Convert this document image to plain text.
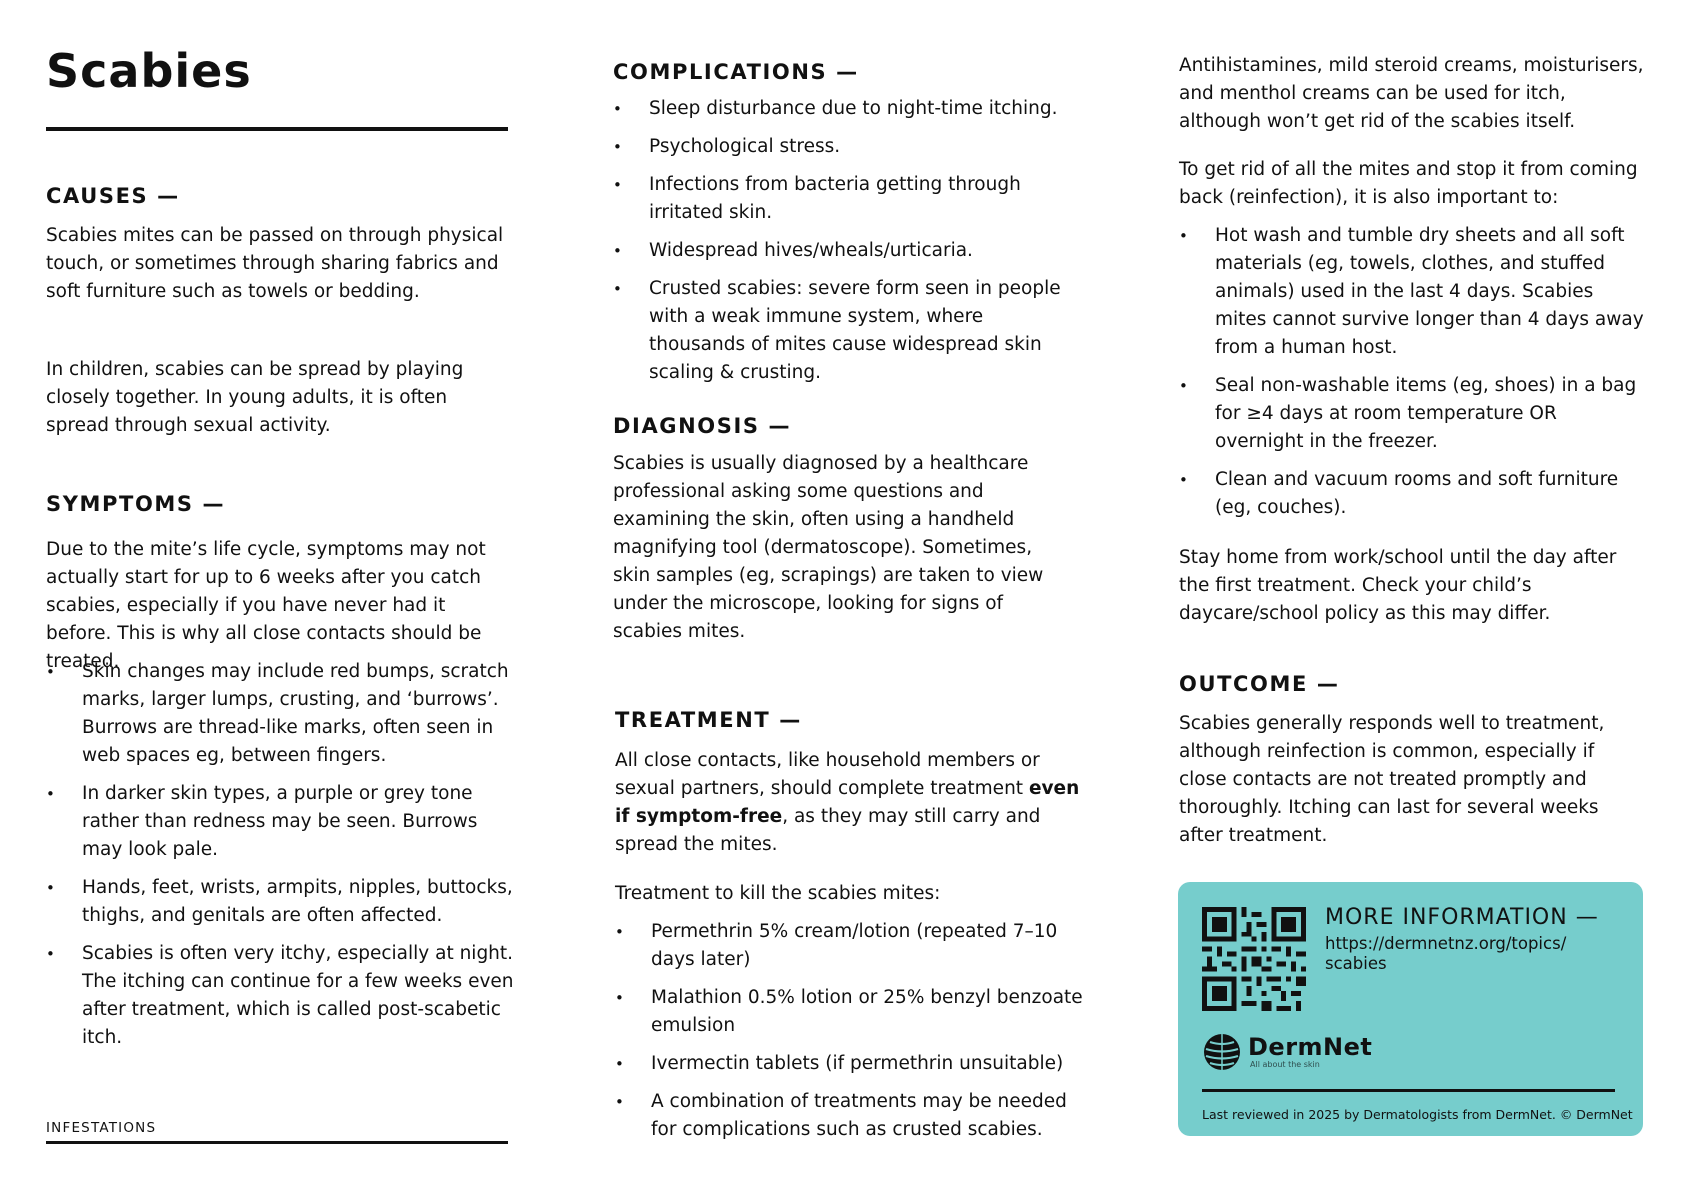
Scabies
CAUSES —

Scabies mites can be passed on through physical touch, or sometimes through sharing fabrics and soft furniture such as towels or bedding.

In children, scabies can be spread by playing closely together. In young adults, it is often spread through sexual activity.

SYMPTOMS —

Due to the mite’s life cycle, symptoms may not actually start for up to 6 weeks after you catch scabies, especially if you have never had it before. This is why all close contacts should be treated.

• Skin changes may include red bumps, scratch marks, larger lumps, crusting, and ‘burrows’. Burrows are thread-like marks, often seen in web spaces eg, between fingers.
• In darker skin types, a purple or grey tone rather than redness may be seen. Burrows may look pale.
• Hands, feet, wrists, armpits, nipples, buttocks, thighs, and genitals are often affected.
• Scabies is often very itchy, especially at night. The itching can continue for a few weeks even after treatment, which is called post-scabetic itch.
INFESTATIONS
COMPLICATIONS —
• Sleep disturbance due to night-time itching.
• Psychological stress.
• Infections from bacteria getting through irritated skin.
• Widespread hives/wheals/urticaria.
• Crusted scabies: severe form seen in people with a weak immune system, where thousands of mites cause widespread skin scaling & crusting.
DIAGNOSIS —

Scabies is usually diagnosed by a healthcare professional asking some questions and examining the skin, often using a handheld magnifying tool (dermatoscope). Sometimes, skin samples (eg, scrapings) are taken to view under the microscope, looking for signs of scabies mites.

TREATMENT —

All close contacts, like household members or sexual partners, should complete treatment even if symptom-free, as they may still carry and spread the mites.

Treatment to kill the scabies mites:

• Permethrin 5% cream/lotion (repeated 7–10 days later)
• Malathion 0.5% lotion or 25% benzyl benzoate emulsion
• Ivermectin tablets (if permethrin unsuitable)
• A combination of treatments may be needed for complications such as crusted scabies.

Antihistamines, mild steroid creams, moisturisers, and menthol creams can be used for itch, although won’t get rid of the scabies itself.

To get rid of all the mites and stop it from coming back (reinfection), it is also important to:

• Hot wash and tumble dry sheets and all soft materials (eg, towels, clothes, and stuffed animals) used in the last 4 days. Scabies mites cannot survive longer than 4 days away from a human host.
• Seal non-washable items (eg, shoes) in a bag for ≥4 days at room temperature OR overnight in the freezer.
• Clean and vacuum rooms and soft furniture (eg, couches).

Stay home from work/school until the day after the first treatment. Check your child’s daycare/school policy as this may differ.

OUTCOME —

Scabies generally responds well to treatment, although reinfection is common, especially if close contacts are not treated promptly and thoroughly. Itching can last for several weeks after treatment.

MORE INFORMATION —
https://dermnetnz.org/topics/ scabies
DermNet
All about the skin
Last reviewed in 2025 by Dermatologists from DermNet. © DermNet
